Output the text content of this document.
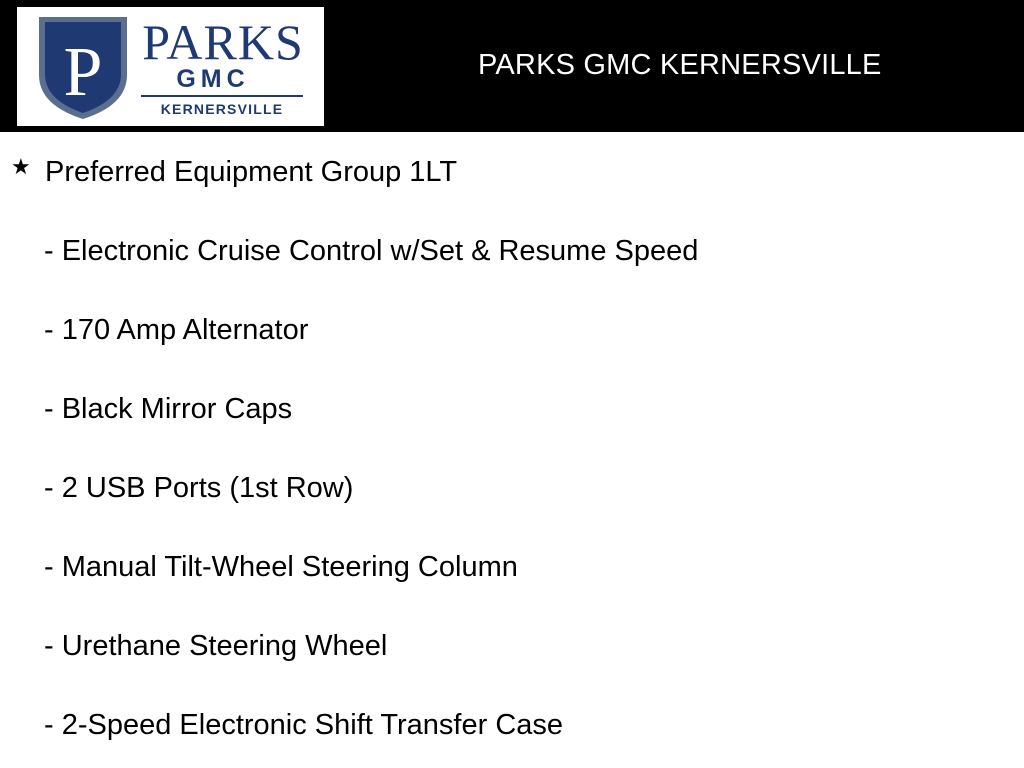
P PARKS
GMC
KERNERSVILLE
PARKS GMC KERNERSVILLE
★ Preferred Equipment Group 1LT
- Electronic Cruise Control w/Set & Resume Speed
- 170 Amp Alternator
- Black Mirror Caps
- 2 USB Ports (1st Row)
- Manual Tilt-Wheel Steering Column
- Urethane Steering Wheel
- 2-Speed Electronic Shift Transfer Case
